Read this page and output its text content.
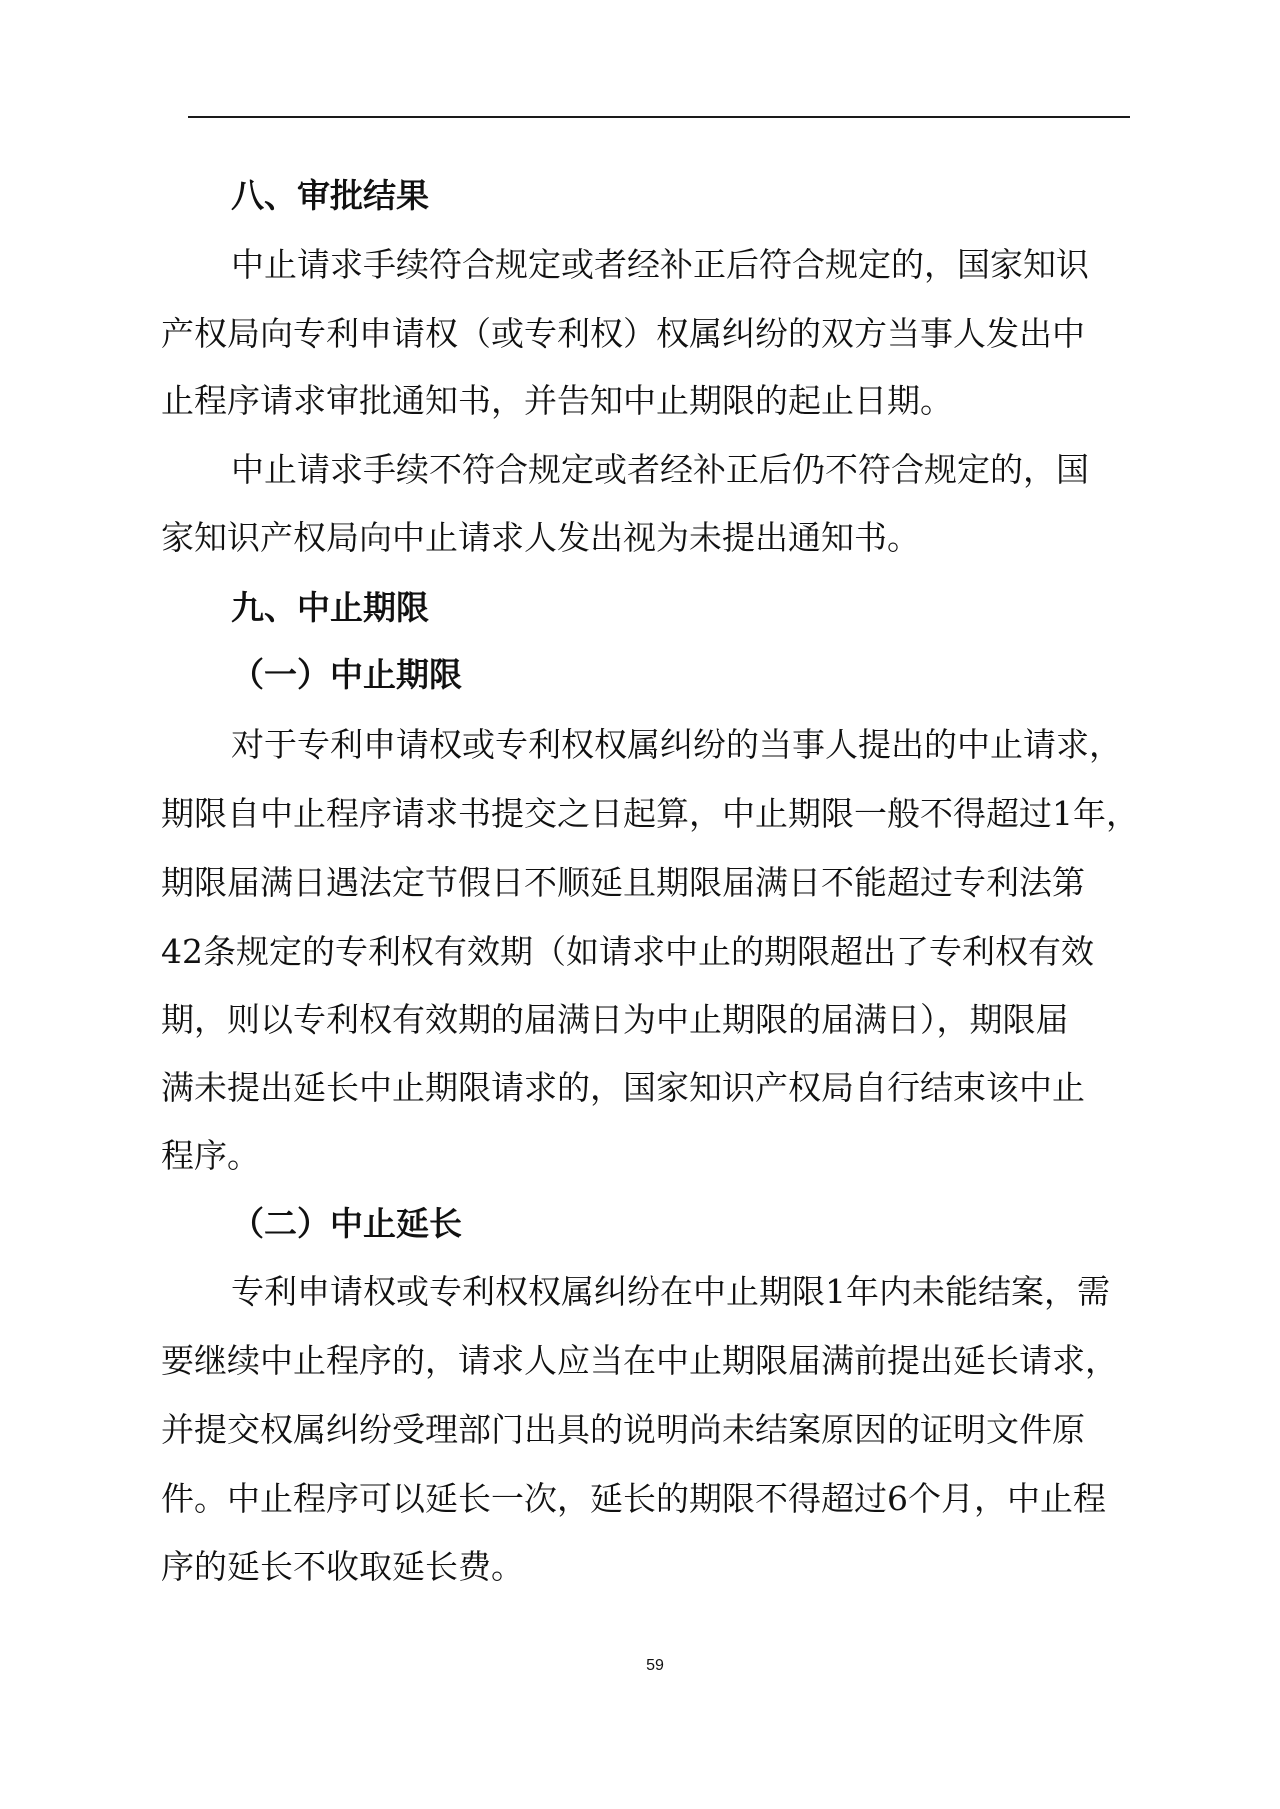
八、审批结果
中止请求手续符合规定或者经补正后符合规定的，国家知识
产权局向专利申请权（或专利权）权属纠纷的双方当事人发出中
止程序请求审批通知书，并告知中止期限的起止日期。
中止请求手续不符合规定或者经补正后仍不符合规定的，国
家知识产权局向中止请求人发出视为未提出通知书。
九、中止期限
（一）中止期限
对于专利申请权或专利权权属纠纷的当事人提出的中止请求，
期限自中止程序请求书提交之日起算，中止期限一般不得超过1年，
期限届满日遇法定节假日不顺延且期限届满日不能超过专利法第
42条规定的专利权有效期（如请求中止的期限超出了专利权有效
期，则以专利权有效期的届满日为中止期限的届满日），期限届
满未提出延长中止期限请求的，国家知识产权局自行结束该中止
程序。
（二）中止延长
专利申请权或专利权权属纠纷在中止期限1年内未能结案，需
要继续中止程序的，请求人应当在中止期限届满前提出延长请求，
并提交权属纠纷受理部门出具的说明尚未结案原因的证明文件原
件。中止程序可以延长一次，延长的期限不得超过6个月，中止程
序的延长不收取延长费。
59
